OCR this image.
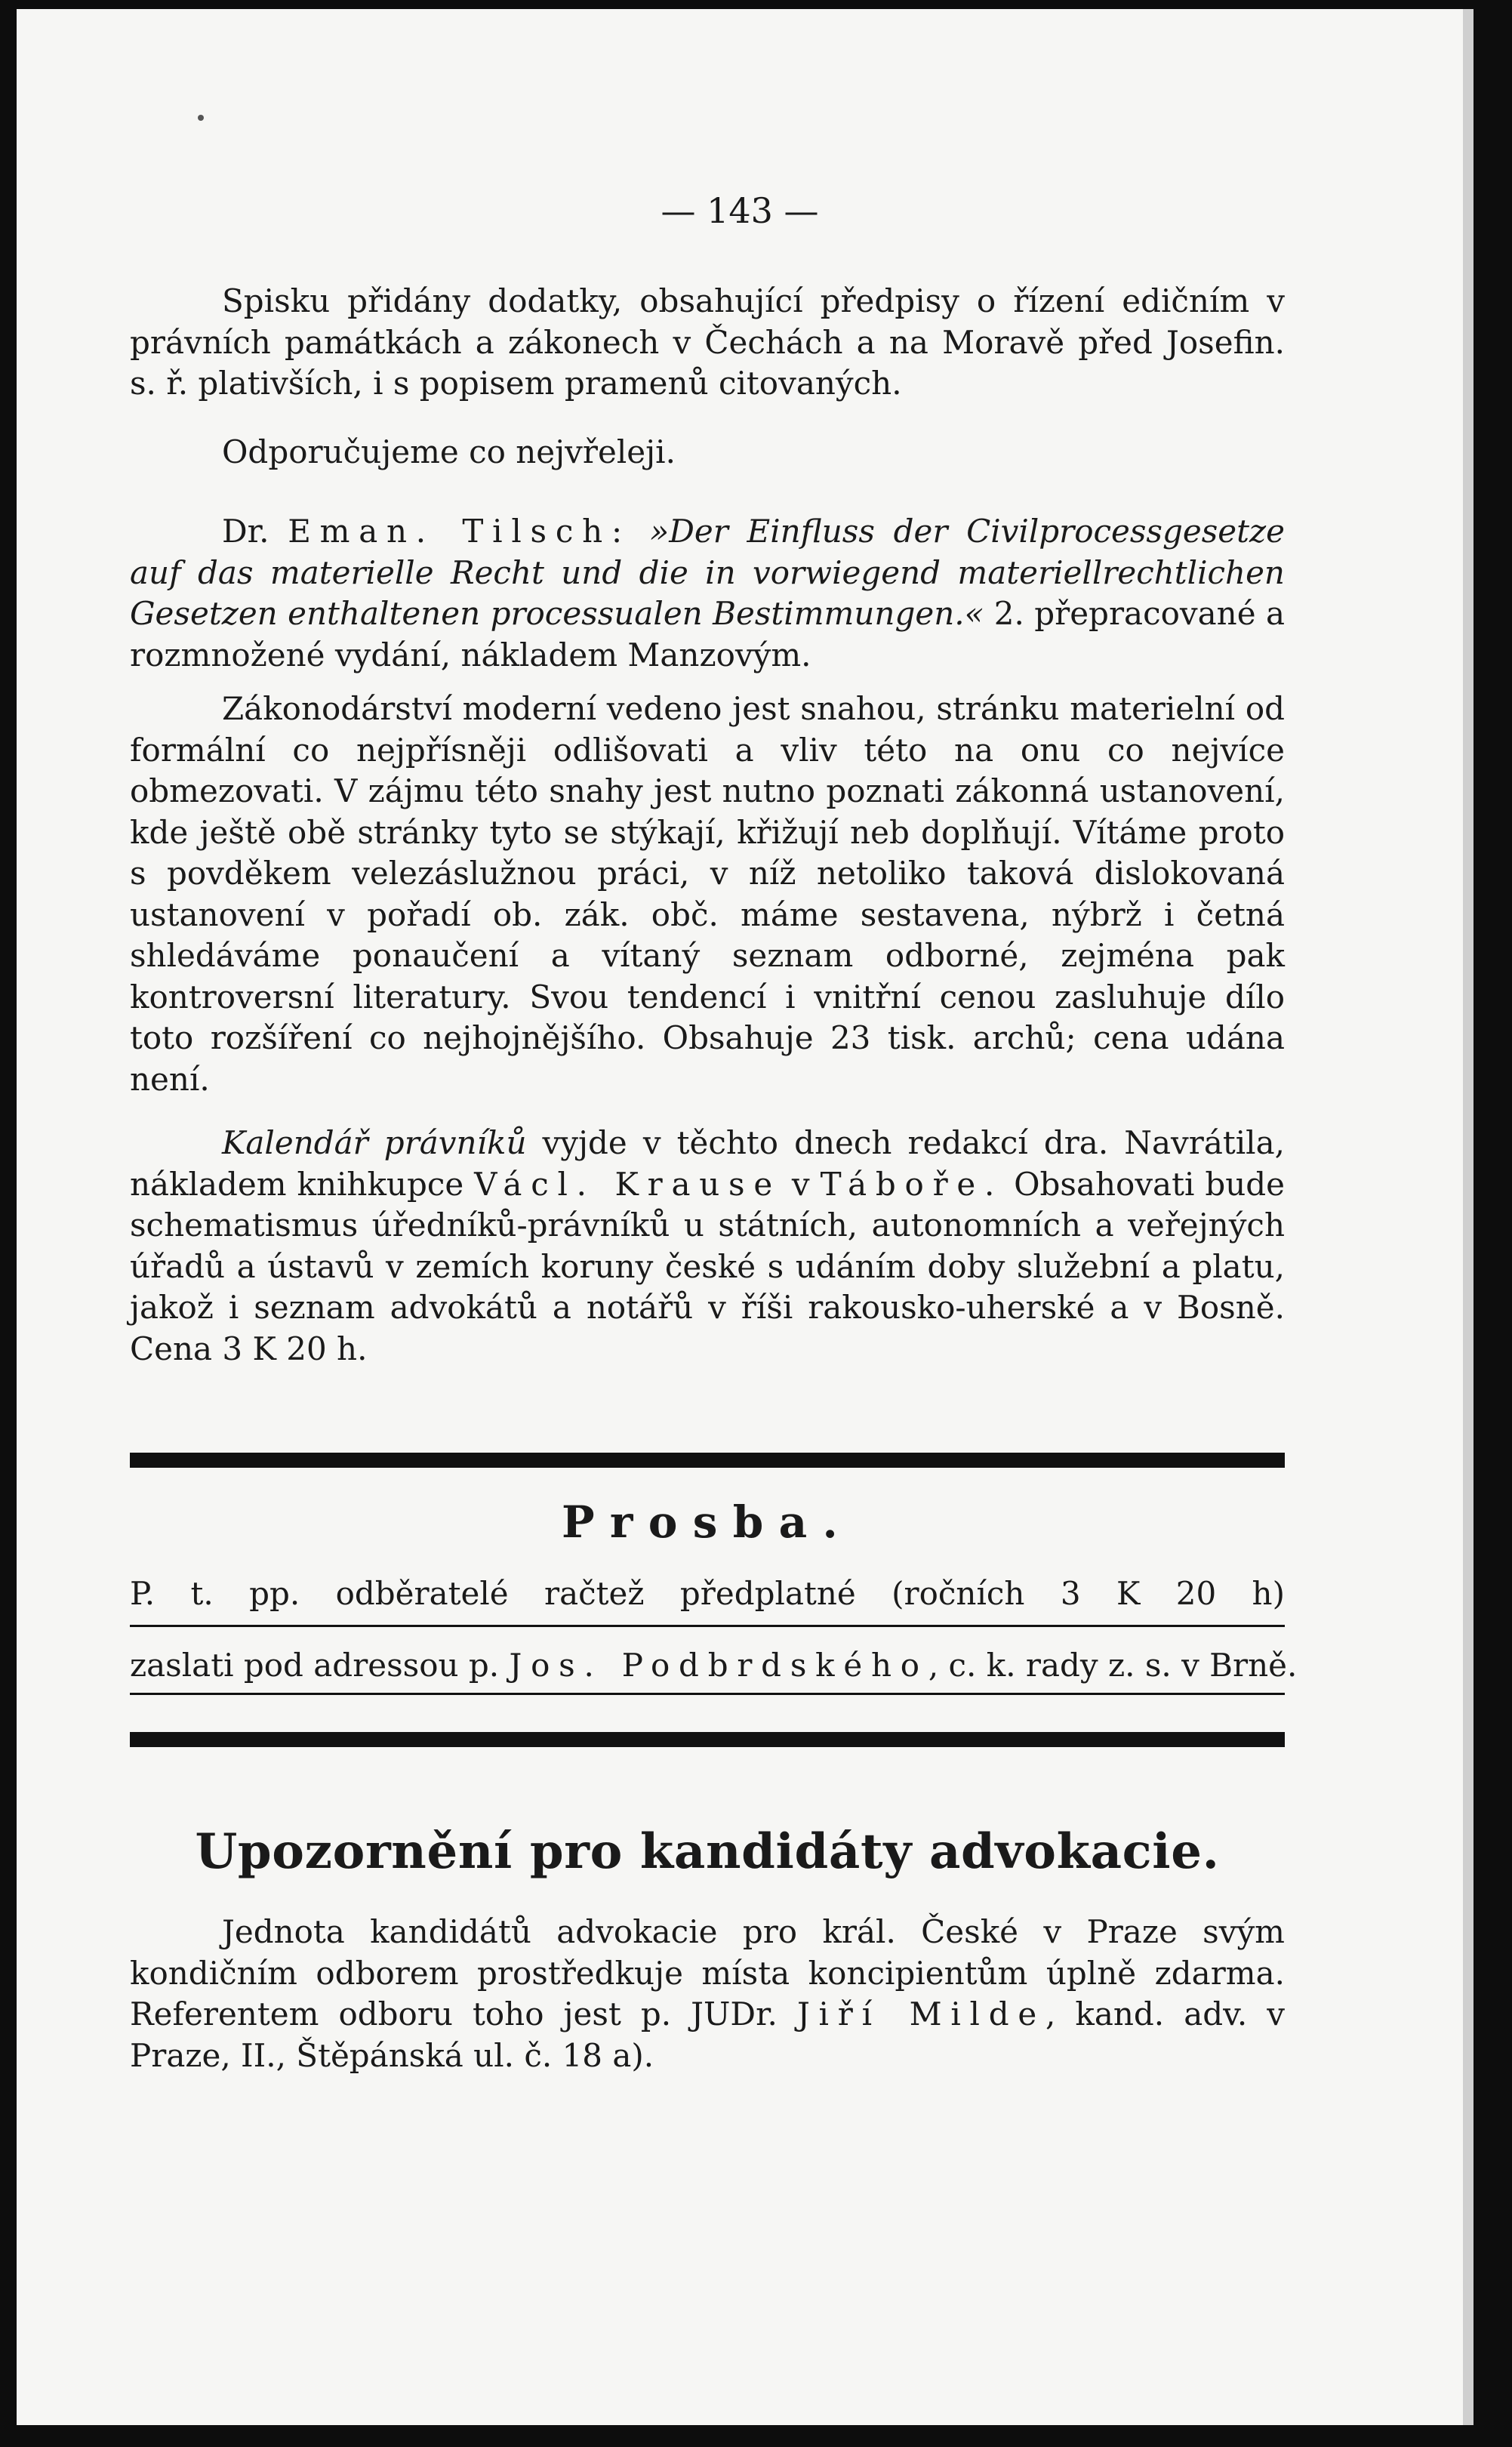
— 143 —

Spisku přidány dodatky, obsahující předpisy o řízení edičním v právních památkách a zákonech v Čechách a na Moravě před Josefin. s. ř. plativších, i s popisem pramenů citovaných.

Odporučujeme co nejvřeleji.

Dr. Eman. Tilsch: »Der Einfluss der Civilprocessgesetze auf das materielle Recht und die in vorwiegend materiellrechtlichen Gesetzen enthaltenen processualen Bestimmungen.« 2. přepracované a rozmnožené vydání, nákladem Manzovým.

Zákonodárství moderní vedeno jest snahou, stránku materielní od formální co nejpřísněji odlišovati a vliv této na onu co nejvíce obmezovati. V zájmu této snahy jest nutno poznati zákonná ustanovení, kde ještě obě stránky tyto se stýkají, křižují neb doplňují. Vítáme proto s povděkem velezáslužnou práci, v níž netoliko taková dislokovaná ustanovení v pořadí ob. zák. obč. máme sestavena, nýbrž i četná shledáváme ponaučení a vítaný seznam odborné, zejména pak kontroversní literatury. Svou tendencí i vnitřní cenou zasluhuje dílo toto rozšíření co nejhojnějšího. Obsahuje 23 tisk. archů; cena udána není.

Kalendář právníků vyjde v těchto dnech redakcí dra. Navrátila, nákladem knihkupce Václ. Krause v Táboře. Obsahovati bude schematismus úředníků-právníků u státních, autonomních a veřejných úřadů a ústavů v zemích koruny české s udáním doby služební a platu, jakož i seznam advokátů a notářů v říši rakousko-uherské a v Bosně. Cena 3 K 20 h.

Prosba.
P. t. pp. odběratelé račtež předplatné (ročních 3 K 20 h)
zaslati pod adressou p. Jos. Podbrdského, c. k. rady z. s. v Brně.
Upozornění pro kandidáty advokacie.

Jednota kandidátů advokacie pro král. České v Praze svým kondičním odborem prostředkuje místa koncipientům úplně zdarma. Referentem odboru toho jest p. JUDr. Jiří Milde, kand. adv. v Praze, II., Štěpánská ul. č. 18 a).
